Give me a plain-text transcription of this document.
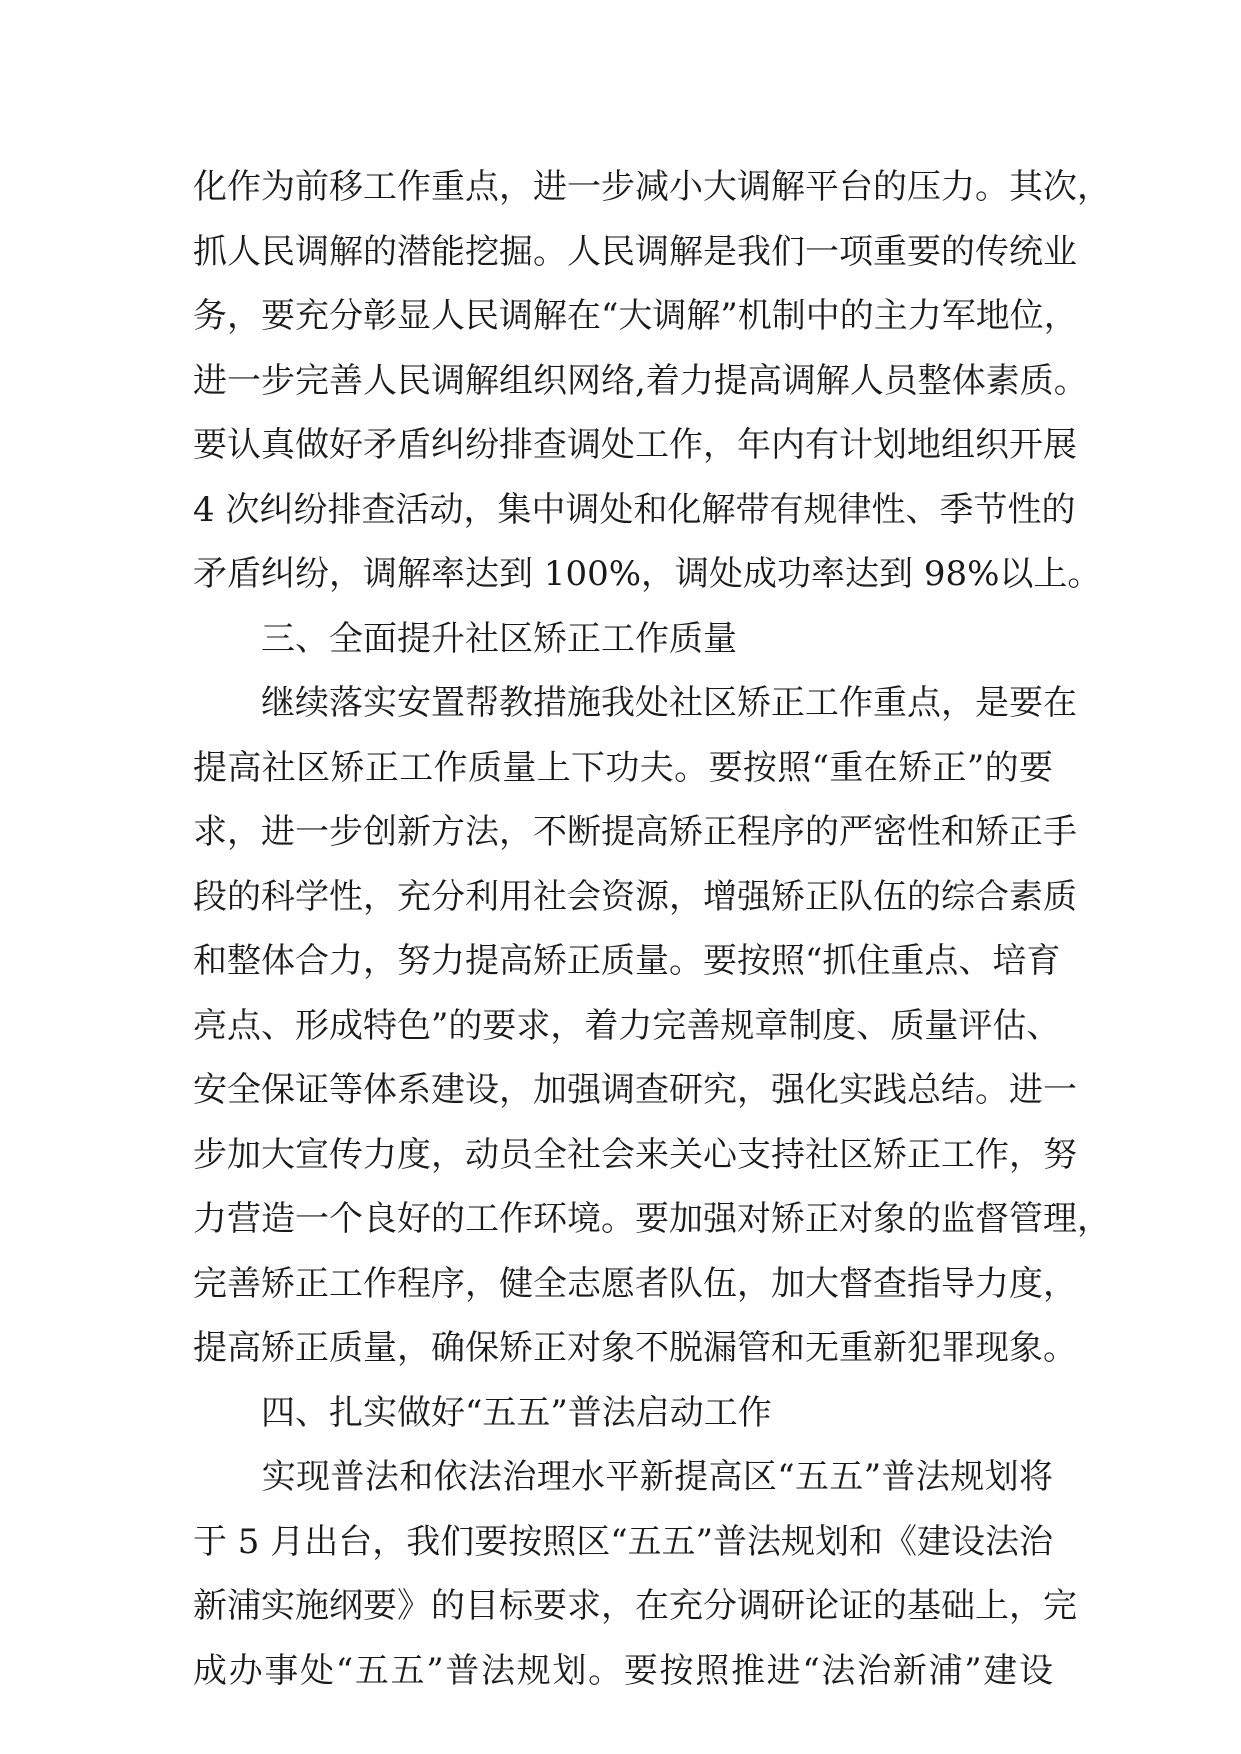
化作为前移工作重点，进一步减小大调解平台的压力。其次，
抓人民调解的潜能挖掘。人民调解是我们一项重要的传统业
务，要充分彰显人民调解在“大调解”机制中的主力军地位，
进一步完善人民调解组织网络,着力提高调解人员整体素质。
要认真做好矛盾纠纷排查调处工作，年内有计划地组织开展
4 次纠纷排查活动，集中调处和化解带有规律性、季节性的
矛盾纠纷，调解率达到 100%，调处成功率达到 98%以上。
　　三、全面提升社区矫正工作质量
　　继续落实安置帮教措施我处社区矫正工作重点，是要在
提高社区矫正工作质量上下功夫。要按照“重在矫正”的要
求，进一步创新方法，不断提高矫正程序的严密性和矫正手
段的科学性，充分利用社会资源，增强矫正队伍的综合素质
和整体合力，努力提高矫正质量。要按照“抓住重点、培育
亮点、形成特色”的要求，着力完善规章制度、质量评估、
安全保证等体系建设，加强调查研究，强化实践总结。进一
步加大宣传力度，动员全社会来关心支持社区矫正工作，努
力营造一个良好的工作环境。要加强对矫正对象的监督管理，
完善矫正工作程序，健全志愿者队伍，加大督查指导力度，
提高矫正质量，确保矫正对象不脱漏管和无重新犯罪现象。
　　四、扎实做好“五五”普法启动工作
　　实现普法和依法治理水平新提高区“五五”普法规划将
于 5 月出台，我们要按照区“五五”普法规划和《建设法治
新浦实施纲要》的目标要求，在充分调研论证的基础上，完
成办事处“五五”普法规划。要按照推进“法治新浦”建设
